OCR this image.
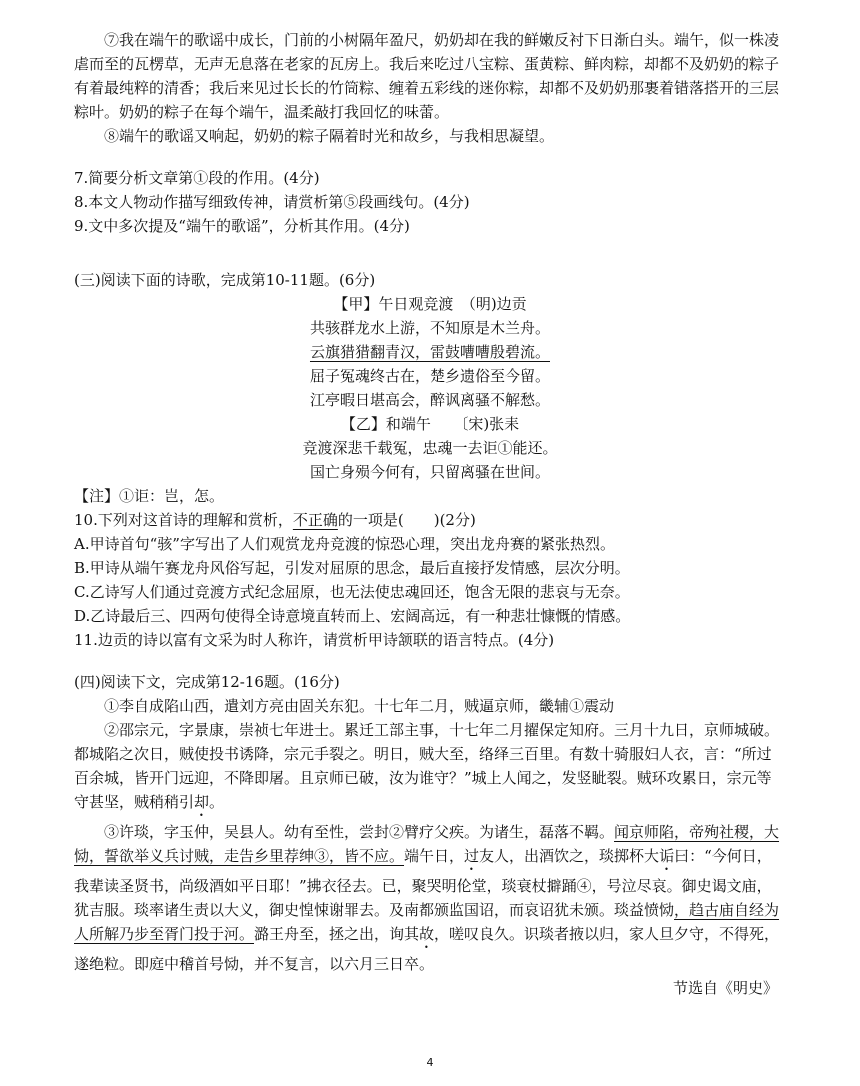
⑦我在端午的歌谣中成长，门前的小树隔年盈尺，奶奶却在我的鲜嫩反衬下日渐白头。端午，似一株凌虐而至的瓦楞草，无声无息落在老家的瓦房上。我后来吃过八宝粽、蛋黄粽、鲜肉粽，却都不及奶奶的粽子有着最纯粹的清香；我后来见过长长的竹筒粽、缠着五彩线的迷你粽，却都不及奶奶那裹着错落搭开的三层粽叶。奶奶的粽子在每个端午，温柔敲打我回忆的味蕾。

⑧端午的歌谣又响起，奶奶的粽子隔着时光和故乡，与我相思凝望。

7.简要分析文章第①段的作用。(4分)

8.本文人物动作描写细致传神，请赏析第⑤段画线句。(4分)

9.文中多次提及“端午的歌谣”，分析其作用。(4分)

(三)阅读下面的诗歌，完成第10-11题。(6分)

【甲】午日观竞渡　（明)边贡

共骇群龙水上游，不知原是木兰舟。

云旗猎猎翻青汉，雷鼓嘈嘈殷碧流。

屈子冤魂终古在，楚乡遗俗至今留。

江亭暇日堪高会，醉讽离骚不解愁。

【乙】和端午　　〔宋)张耒

竞渡深悲千载冤，忠魂一去讵①能还。

国亡身殒今何有，只留离骚在世间。

【注】①讵：岂，怎。

10.下列对这首诗的理解和赏析，不正确的一项是(　　)(2分)

A.甲诗首句“骇”字写出了人们观赏龙舟竞渡的惊恐心理，突出龙舟赛的紧张热烈。

B.甲诗从端午赛龙舟风俗写起，引发对屈原的思念，最后直接抒发情感，层次分明。

C.乙诗写人们通过竞渡方式纪念屈原，也无法使忠魂回还，饱含无限的悲哀与无奈。

D.乙诗最后三、四两句使得全诗意境直转而上、宏阔高远，有一种悲壮慷慨的情感。

11.边贡的诗以富有文采为时人称许，请赏析甲诗颔联的语言特点。(4分)

(四)阅读下文，完成第12-16题。(16分)

①李自成陷山西，遣刘方亮由固关东犯。十七年二月，贼逼京师，畿辅①震动

②邵宗元，字景康，崇祯七年进士。累迁工部主事，十七年二月擢保定知府。三月十九日，京师城破。都城陷之次日，贼使投书诱降，宗元手裂之。明日，贼大至，络绎三百里。有数十骑服妇人衣，言：“所过百余城，皆开门远迎，不降即屠。且京师已破，汝为谁守？”城上人闻之，发竖眦裂。贼环攻累日，宗元等守甚坚，贼稍稍引却。

③许琰，字玉仲，吴县人。幼有至性，尝封②臂疗父疾。为诸生，磊落不羁。闻京师陷，帝殉社稷，大恸，誓欲举义兵讨贼，走告乡里荐绅③，皆不应。端午日，过友人，出酒饮之，琰掷杯大诟曰：“今何日，我辈读圣贤书，尚级酒如平日耶！”拂衣径去。已，聚哭明伦堂，琰衰杖擗踊④，号泣尽哀。御史谒文庙，犹吉服。琰率诸生责以大义，御史惶悚谢罪去。及南都颁监国诏，而哀诏犹未颁。琰益愤恸，趋古庙自经为人所解乃步至胥门投于河。潞王舟至，拯之出，询其故，嗟叹良久。识琰者掖以归，家人旦夕守，不得死，遂绝粒。即庭中稽首号恸，并不复言，以六月三日卒。

节选自《明史》

4
